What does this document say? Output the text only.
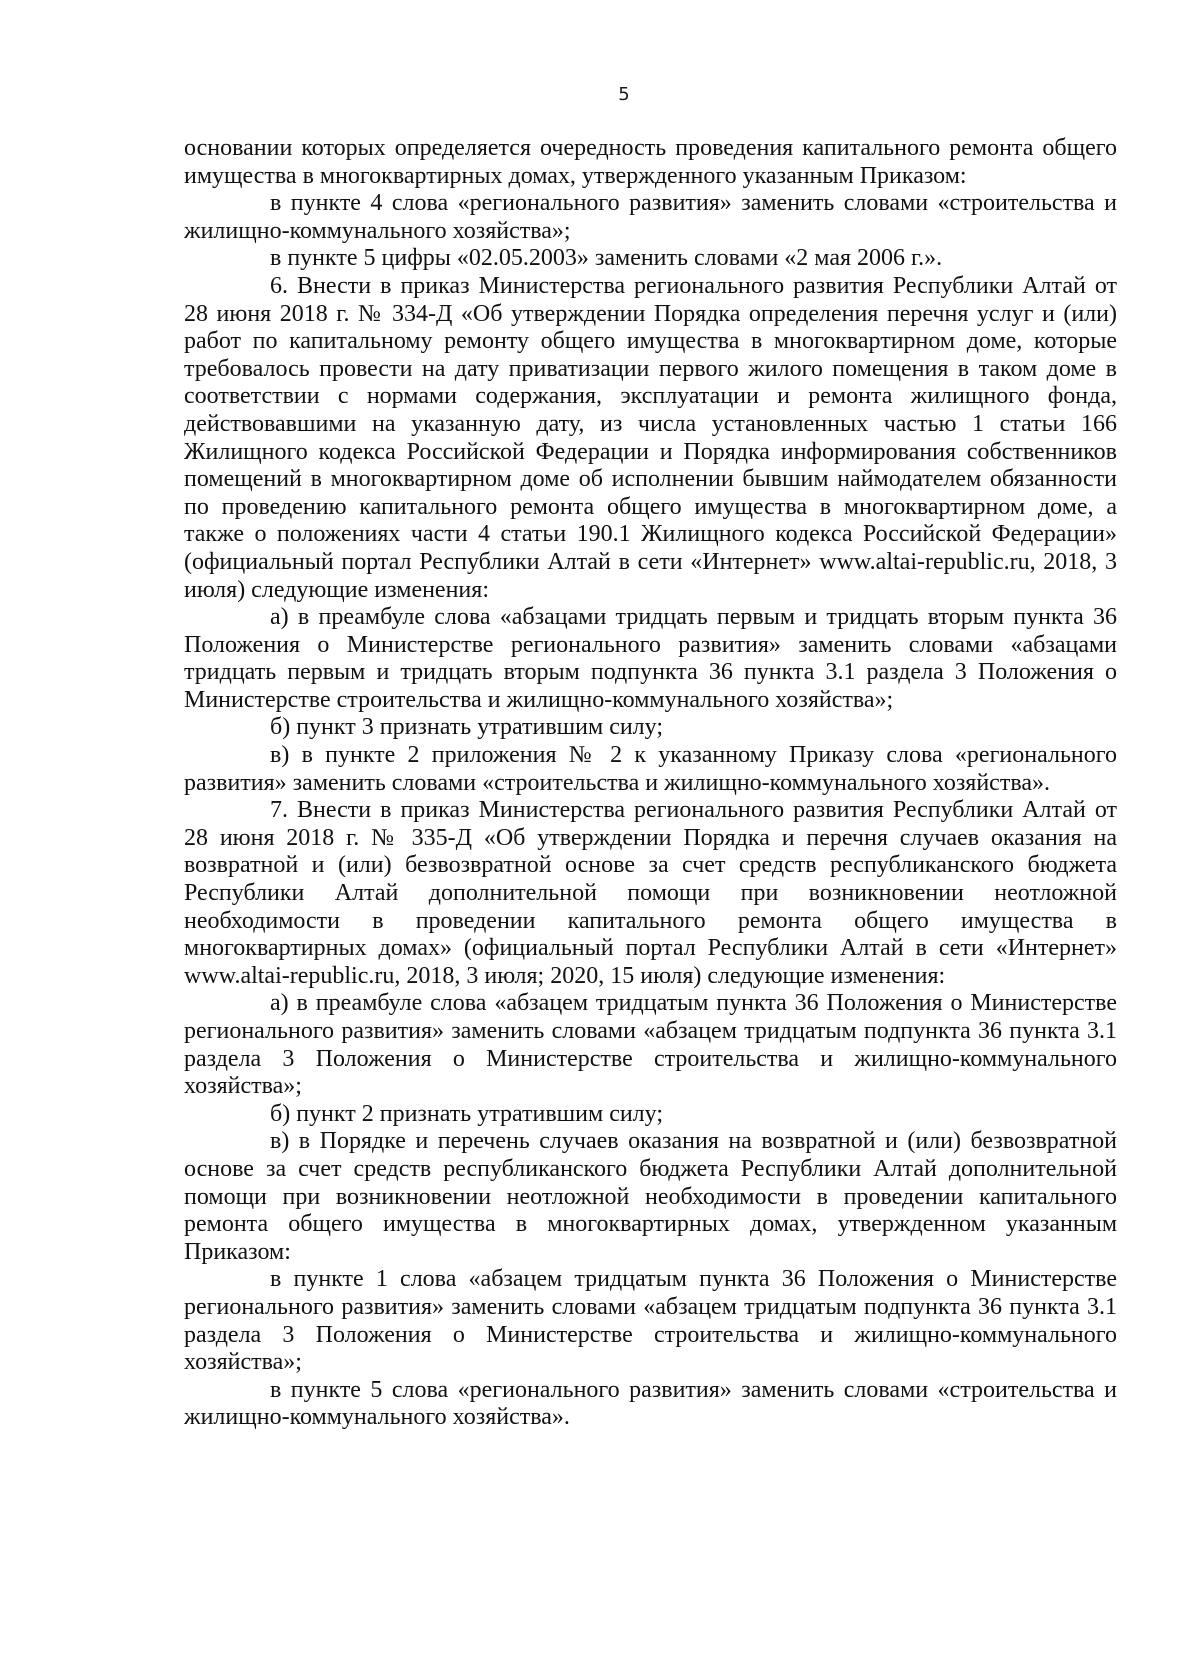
5

основании которых определяется очередность проведения капитального ремонта общего имущества в многоквартирных домах, утвержденного указанным Приказом:

в пункте 4 слова «регионального развития» заменить словами «строительства и жилищно-коммунального хозяйства»;

в пункте 5 цифры «02.05.2003» заменить словами «2 мая 2006 г.».

6. Внести в приказ Министерства регионального развития Республики Алтай от 28 июня 2018 г. № 334-Д «Об утверждении Порядка определения перечня услуг и (или) работ по капитальному ремонту общего имущества в многоквартирном доме, которые требовалось провести на дату приватизации первого жилого помещения в таком доме в соответствии с нормами содержания, эксплуатации и ремонта жилищного фонда, действовавшими на указанную дату, из числа установленных частью 1 статьи 166 Жилищного кодекса Российской Федерации и Порядка информирования собственников помещений в многоквартирном доме об исполнении бывшим наймодателем обязанности по проведению капитального ремонта общего имущества в многоквартирном доме, а также о положениях части 4 статьи 190.1 Жилищного кодекса Российской Федерации» (официальный портал Республики Алтай в сети «Интернет» www.altai-republic.ru, 2018, 3 июля) следующие изменения:

а) в преамбуле слова «абзацами тридцать первым и тридцать вторым пункта 36 Положения о Министерстве регионального развития» заменить словами «абзацами тридцать первым и тридцать вторым подпункта 36 пункта 3.1 раздела 3 Положения о Министерстве строительства и жилищно-коммунального хозяйства»;

б) пункт 3 признать утратившим силу;

в) в пункте 2 приложения № 2 к указанному Приказу слова «регионального развития» заменить словами «строительства и жилищно-коммунального хозяйства».

7. Внести в приказ Министерства регионального развития Республики Алтай от 28 июня 2018 г. № 335-Д «Об утверждении Порядка и перечня случаев оказания на возвратной и (или) безвозвратной основе за счет средств республиканского бюджета Республики Алтай дополнительной помощи при возникновении неотложной необходимости в проведении капитального ремонта общего имущества в многоквартирных домах» (официальный портал Республики Алтай в сети «Интернет» www.altai-republic.ru, 2018, 3 июля; 2020, 15 июля) следующие изменения:

а) в преамбуле слова «абзацем тридцатым пункта 36 Положения о Министерстве регионального развития» заменить словами «абзацем тридцатым подпункта 36 пункта 3.1 раздела 3 Положения о Министерстве строительства и жилищно-коммунального хозяйства»;

б) пункт 2 признать утратившим силу;

в) в Порядке и перечень случаев оказания на возвратной и (или) безвозвратной основе за счет средств республиканского бюджета Республики Алтай дополнительной помощи при возникновении неотложной необходимости в проведении капитального ремонта общего имущества в многоквартирных домах, утвержденном указанным Приказом:

в пункте 1 слова «абзацем тридцатым пункта 36 Положения о Министерстве регионального развития» заменить словами «абзацем тридцатым подпункта 36 пункта 3.1 раздела 3 Положения о Министерстве строительства и жилищно-коммунального хозяйства»;

в пункте 5 слова «регионального развития» заменить словами «строительства и жилищно-коммунального хозяйства».
